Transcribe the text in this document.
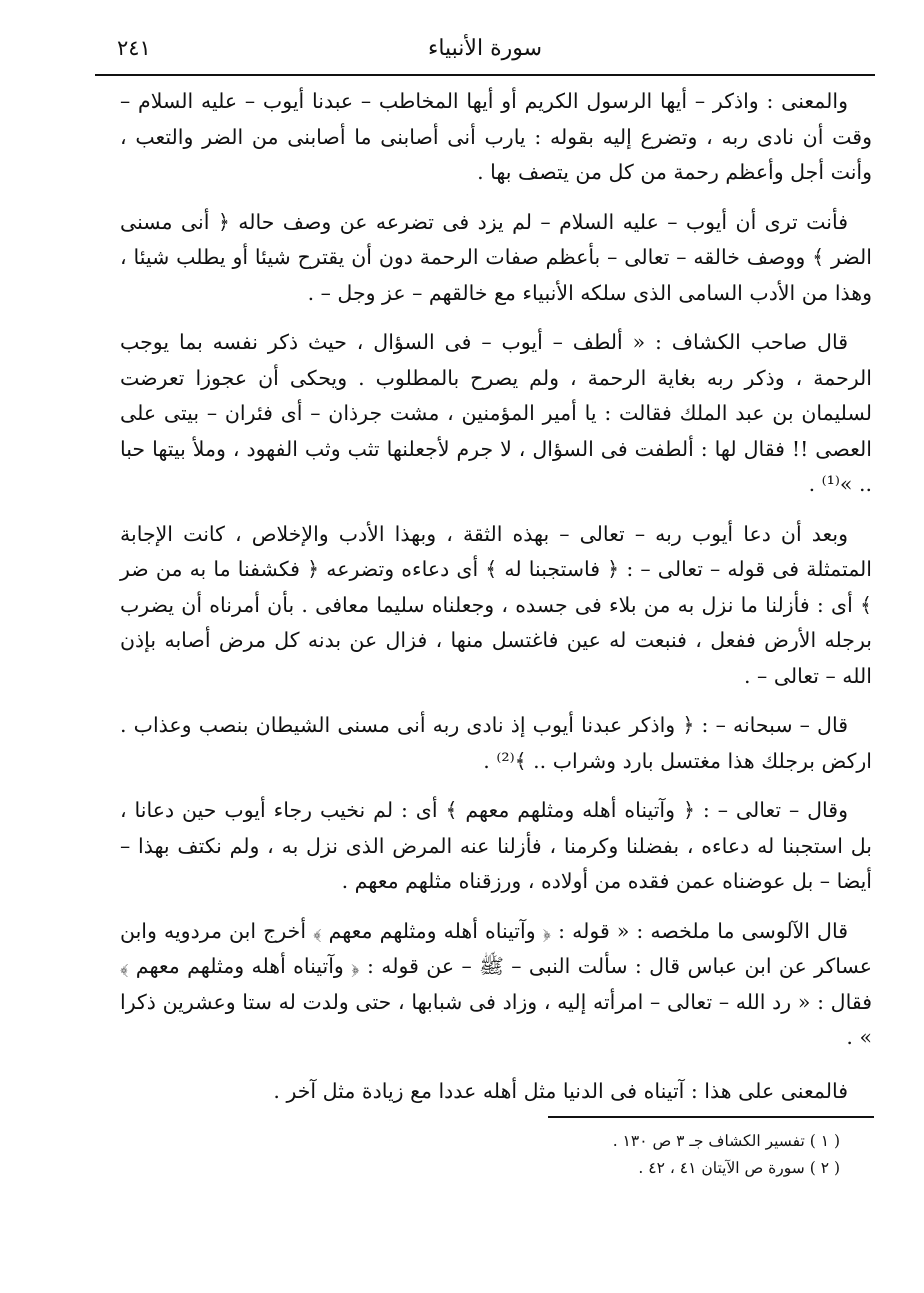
٢٤١	سورة الأنبياء

والمعنى : واذكر – أيها الرسول الكريم أو أيها المخاطب – عبدنا أيوب – عليه السلام – وقت أن نادى ربه ، وتضرع إليه بقوله : يارب أنى أصابنى ما أصابنى من الضر والتعب ، وأنت أجل وأعظم رحمة من كل من يتصف بها .

فأنت ترى أن أيوب – عليه السلام – لم يزد فى تضرعه عن وصف حاله ﴿ أنى مسنى الضر ﴾ ووصف خالقه – تعالى – بأعظم صفات الرحمة دون أن يقترح شيئا أو يطلب شيئا ، وهذا من الأدب السامى الذى سلكه الأنبياء مع خالقهم – عز وجل – .

قال صاحب الكشاف : « ألطف – أيوب – فى السؤال ، حيث ذكر نفسه بما يوجب الرحمة ، وذكر ربه بغاية الرحمة ، ولم يصرح بالمطلوب . ويحكى أن عجوزا تعرضت لسليمان بن عبد الملك فقالت : يا أمير المؤمنين ، مشت جرذان – أى فئران – بيتى على العصى !! فقال لها : ألطفت فى السؤال ، لا جرم لأجعلنها تثب وثب الفهود ، وملأ بيتها حبا .. »⁽¹⁾ .

وبعد أن دعا أيوب ربه – تعالى – بهذه الثقة ، وبهذا الأدب والإخلاص ، كانت الإجابة المتمثلة فى قوله – تعالى – : ﴿ فاستجبنا له ﴾ أى دعاءه وتضرعه ﴿ فكشفنا ما به من ضر ﴾ أى : فأزلنا ما نزل به من بلاء فى جسده ، وجعلناه سليما معافى . بأن أمرناه أن يضرب برجله الأرض ففعل ، فنبعت له عين فاغتسل منها ، فزال عن بدنه كل مرض أصابه بإذن الله – تعالى – .

قال – سبحانه – : ﴿ واذكر عبدنا أيوب إذ نادى ربه أنى مسنى الشيطان بنصب وعذاب . اركض برجلك هذا مغتسل بارد وشراب .. ﴾⁽²⁾ .

وقال – تعالى – : ﴿ وآتيناه أهله ومثلهم معهم ﴾ أى : لم نخيب رجاء أيوب حين دعانا ، بل استجبنا له دعاءه ، بفضلنا وكرمنا ، فأزلنا عنه المرض الذى نزل به ، ولم نكتف بهذا – أيضا – بل عوضناه عمن فقده من أولاده ، ورزقناه مثلهم معهم .

قال الآلوسى ما ملخصه : « قوله : ﴿ وآتيناه أهله ومثلهم معهم ﴾ أخرج ابن مردويه وابن عساكر عن ابن عباس قال : سألت النبى – ﷺ – عن قوله : ﴿ وآتيناه أهله ومثلهم معهم ﴾ فقال : « رد الله – تعالى – امرأته إليه ، وزاد فى شبابها ، حتى ولدت له ستا وعشرين ذكرا » .

فالمعنى على هذا : آتيناه فى الدنيا مثل أهله عددا مع زيادة مثل آخر .

( ١ ) تفسير الكشاف جـ ٣ ص ١٣٠ .
( ٢ ) سورة ص الآيتان ٤١ ، ٤٢ .
